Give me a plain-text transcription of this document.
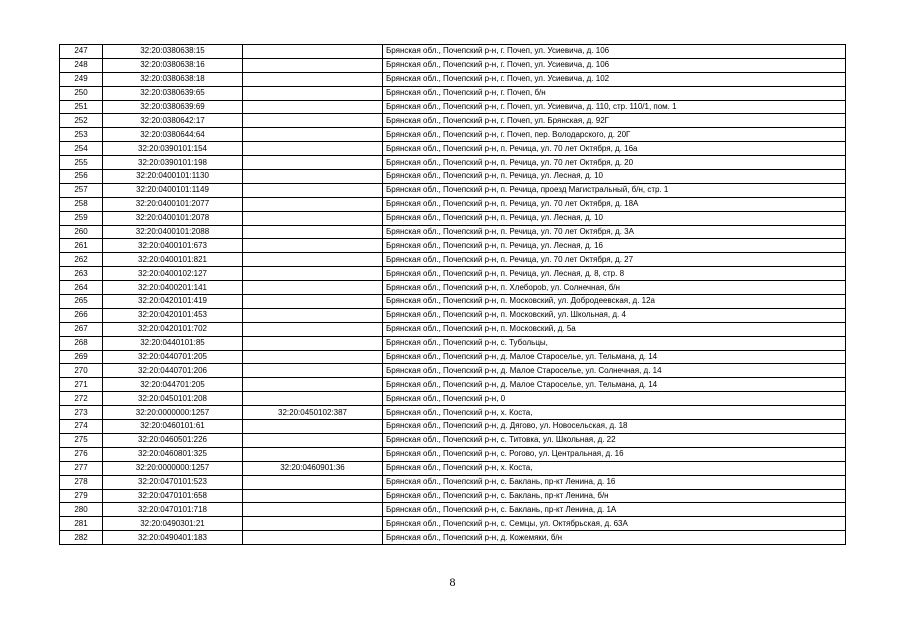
247	32:20:0380638:15		Брянская обл., Почепский р-н, г. Почеп, ул. Усиевича, д. 106
248	32:20:0380638:16		Брянская обл., Почепский р-н, г. Почеп, ул. Усиевича, д. 106
249	32:20:0380638:18		Брянская обл., Почепский р-н, г. Почеп, ул. Усиевича, д. 102
250	32:20:0380639:65		Брянская обл., Почепский р-н, г. Почеп, б/н
251	32:20:0380639:69		Брянская обл., Почепский р-н, г. Почеп, ул. Усиевича, д. 110, стр. 110/1, пом. 1
252	32:20:0380642:17		Брянская обл., Почепский р-н, г. Почеп, ул. Брянская, д. 92Г
253	32:20:0380644:64		Брянская обл., Почепский р-н, г. Почеп, пер. Володарского, д. 20Г
254	32:20:0390101:154		Брянская обл., Почепский р-н, п. Речица, ул. 70 лет Октября, д. 16а
255	32:20:0390101:198		Брянская обл., Почепский р-н, п. Речица, ул. 70 лет Октября, д. 20
256	32:20:0400101:1130		Брянская обл., Почепский р-н, п. Речица, ул. Лесная, д. 10
257	32:20:0400101:1149		Брянская обл., Почепский р-н, п. Речица, проезд Магистральный, б/н, стр. 1
258	32:20:0400101:2077		Брянская обл., Почепский р-н, п. Речица, ул. 70 лет Октября, д. 18А
259	32:20:0400101:2078		Брянская обл., Почепский р-н, п. Речица, ул. Лесная, д. 10
260	32:20:0400101:2088		Брянская обл., Почепский р-н, п. Речица, ул. 70 лет Октября, д. 3А
261	32:20:0400101:673		Брянская обл., Почепский р-н, п. Речица, ул. Лесная, д. 16
262	32:20:0400101:821		Брянская обл., Почепский р-н, п. Речица, ул. 70 лет Октября, д. 27
263	32:20:0400102:127		Брянская обл., Почепский р-н, п. Речица, ул. Лесная, д. 8, стр. 8
264	32:20:0400201:141		Брянская обл., Почепский р-н, п. Хлеборob, ул. Солнечная, б/н
265	32:20:0420101:419		Брянская обл., Почепский р-н, п. Московский, ул. Добродеевская, д. 12а
266	32:20:0420101:453		Брянская обл., Почепский р-н, п. Московский, ул. Школьная, д. 4
267	32:20:0420101:702		Брянская обл., Почепский р-н, п. Московский, д. 5а
268	32:20:0440101:85		Брянская обл., Почепский р-н, с. Тубольцы,
269	32:20:0440701:205		Брянская обл., Почепский р-н, д. Малое Староселье, ул. Тельмана, д. 14
270	32:20:0440701:206		Брянская обл., Почепский р-н, д. Малое Староселье, ул. Солнечная, д. 14
271	32:20:044701:205		Брянская обл., Почепский р-н, д. Малое Староселье, ул. Тельмана, д. 14
272	32:20:0450101:208		Брянская обл., Почепский р-н, 0
273	32:20:0000000:1257	32:20:0450102:387	Брянская обл., Почепский р-н, х. Коста,
274	32:20:0460101:61		Брянская обл., Почепский р-н, д. Дягово, ул. Новосельская, д. 18
275	32:20:0460501:226		Брянская обл., Почепский р-н, с. Титовка, ул. Школьная, д. 22
276	32:20:0460801:325		Брянская обл., Почепский р-н, с. Рогово, ул. Центральная, д. 16
277	32:20:0000000:1257	32:20:0460901:36	Брянская обл., Почепский р-н, х. Коста,
278	32:20:0470101:523		Брянская обл., Почепский р-н, с. Баклань, пр-кт Ленина, д. 16
279	32:20:0470101:658		Брянская обл., Почепский р-н, с. Баклань, пр-кт Ленина, б/н
280	32:20:0470101:718		Брянская обл., Почепский р-н, с. Баклань, пр-кт Ленина, д. 1А
281	32:20:0490301:21		Брянская обл., Почепский р-н, с. Семцы, ул. Октябрьская, д. 63А
282	32:20:0490401:183		Брянская обл., Почепский р-н, д. Кожемяки, б/н
8
